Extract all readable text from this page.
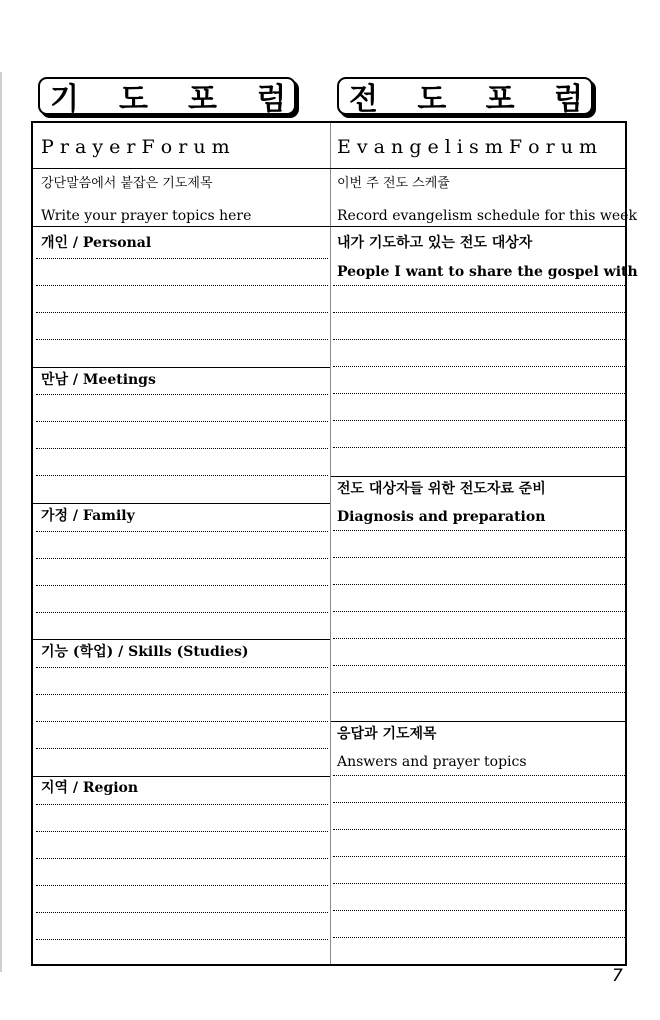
기 도 포 럼 전 도 포 럼
P r a y e r F o r u m	E v a n g e l i s m F o r u m
강단말씀에서 붙잡은 기도제목
Write your prayer topics here
이번 주 전도 스케쥴
Record evangelism schedule for this week
개인 / Personal
만남 / Meetings
가정 / Family
기능 (학업) / Skills (Studies)
지역 / Region
내가 기도하고 있는 전도 대상자
People I want to share the gospel with
전도 대상자들 위한 전도자료 준비
Diagnosis and preparation
응답과 기도제목
Answers and prayer topics
7
